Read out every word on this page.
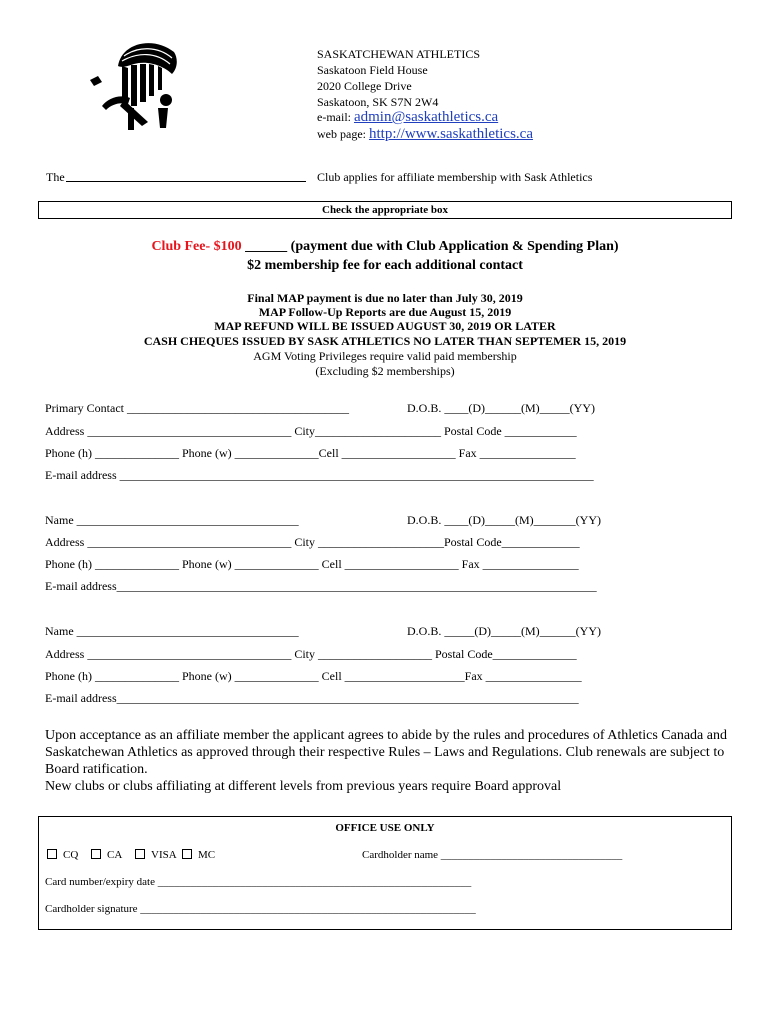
SASKATCHEWAN ATHLETICS
Saskatoon Field House
2020 College Drive
Saskatoon, SK S7N 2W4
e-mail: admin@saskathletics.ca
web page: http://www.saskathletics.ca
The	Club applies for affiliate membership with Sask Athletics
Check the appropriate box
Club Fee- $100 ______ (payment due with Club Application & Spending Plan)
$2 membership fee for each additional contact
Final MAP payment is due no later than July 30, 2019
MAP Follow-Up Reports are due August 15, 2019
MAP REFUND WILL BE ISSUED AUGUST 30, 2019 OR LATER
CASH CHEQUES ISSUED BY SASK ATHLETICS NO LATER THAN SEPTEMER 15, 2019
AGM Voting Privileges require valid paid membership
(Excluding $2 memberships)
Primary Contact _____________________________________	D.O.B. ____(D)______(M)_____(YY)
Address __________________________________ City_____________________ Postal Code ____________
Phone (h) ______________ Phone (w) ______________Cell ___________________ Fax ________________
E-mail address _______________________________________________________________________________
Name _____________________________________	D.O.B. ____(D)_____(M)_______(YY)
Address __________________________________ City _____________________Postal Code_____________
Phone (h) ______________ Phone (w) ______________ Cell ___________________ Fax ________________
E-mail address________________________________________________________________________________
Name _____________________________________	D.O.B. _____(D)_____(M)______(YY)
Address __________________________________ City ___________________ Postal Code______________
Phone (h) ______________ Phone (w) ______________ Cell ____________________Fax ________________
E-mail address_____________________________________________________________________________

Upon acceptance as an affiliate member the applicant agrees to abide by the rules and procedures of Athletics Canada and

Saskatchewan Athletics as approved through their respective Rules – Laws and Regulations. Club renewals are subject to

Board ratification.

New clubs or clubs affiliating at different levels from previous years require Board approval

OFFICE USE ONLY
CQ	CA	VISA	MC	Cardholder name _________________________________
Card number/expiry date _________________________________________________________
Cardholder signature _____________________________________________________________
